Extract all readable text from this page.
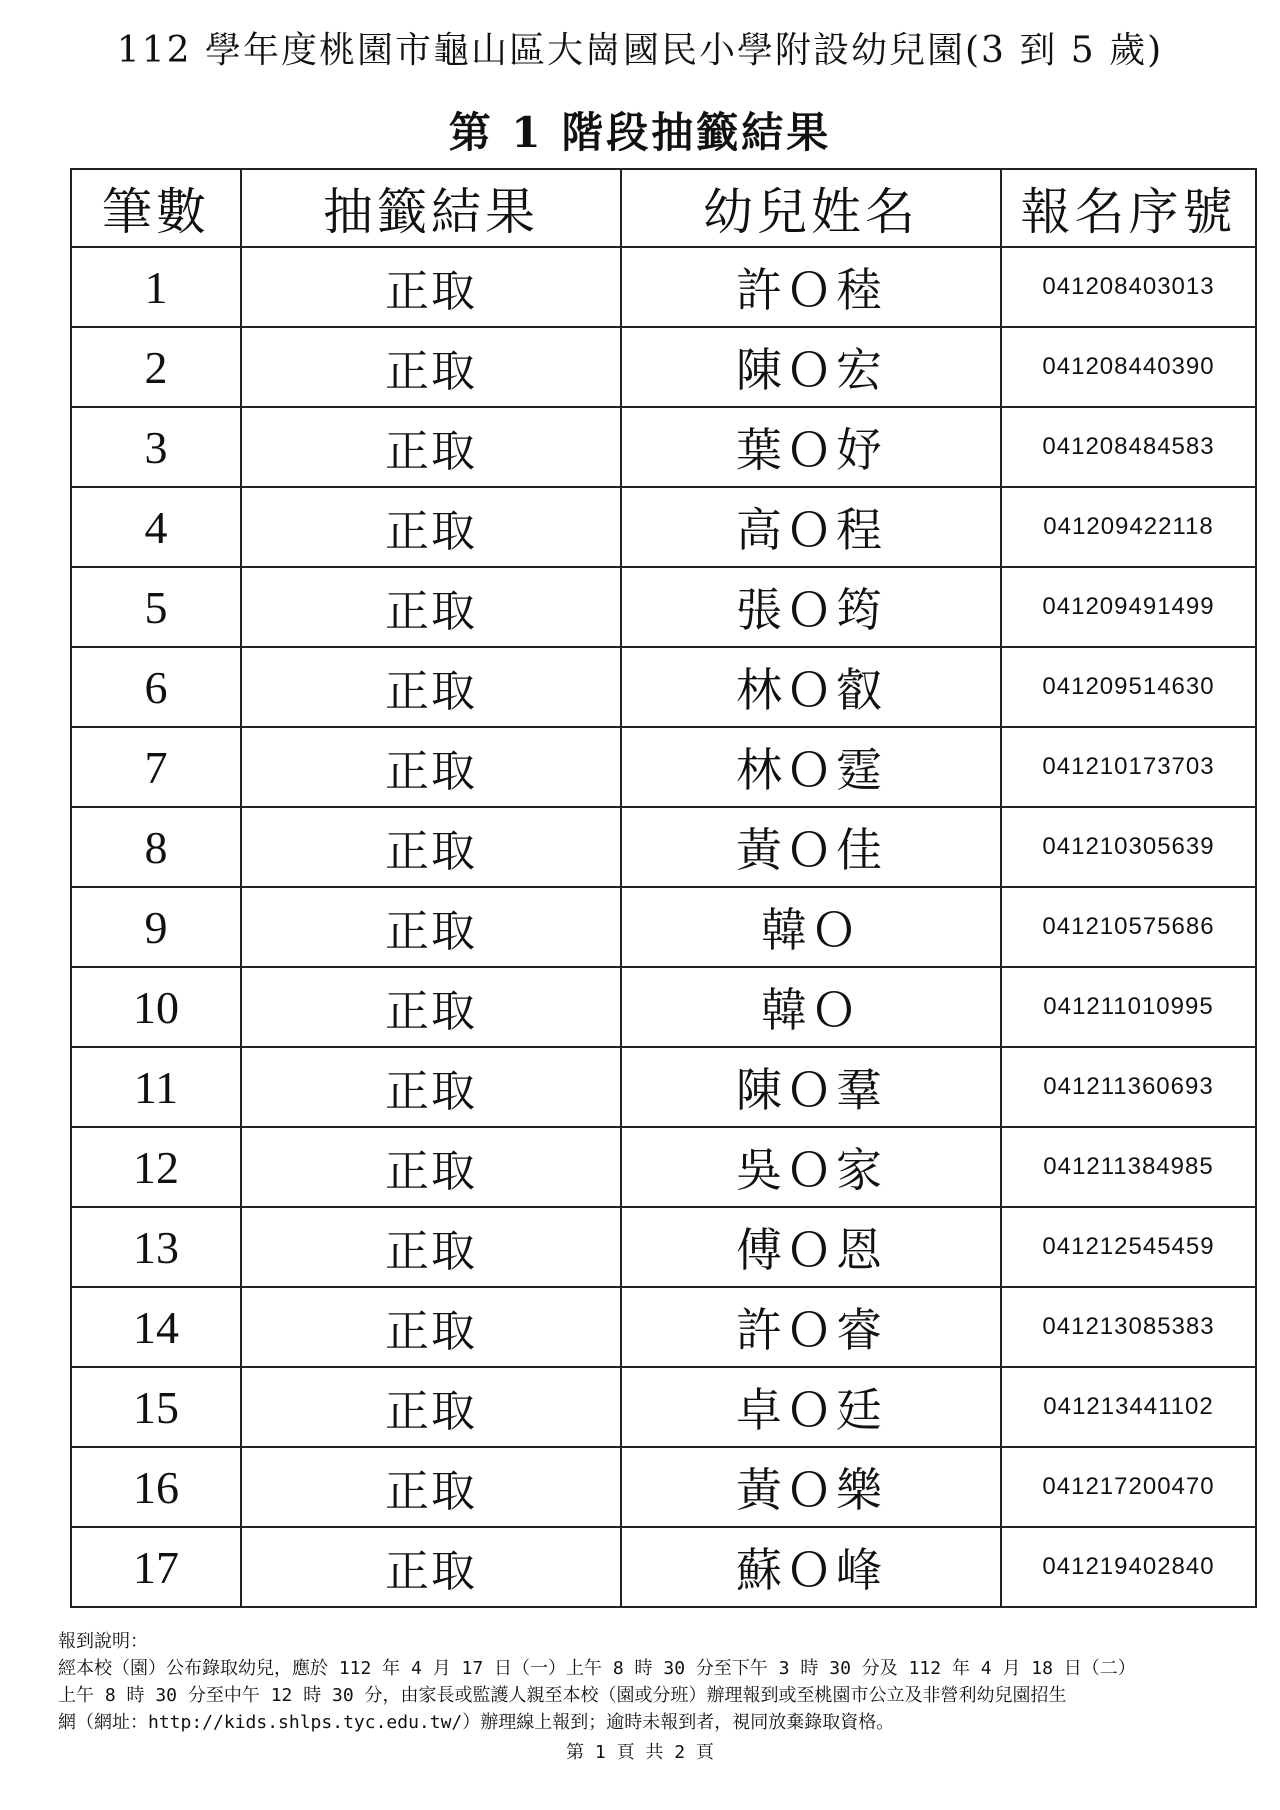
112 學年度桃園市龜山區大崗國民小學附設幼兒園(3 到 5 歲)
第 1 階段抽籤結果
筆數	抽籤結果	幼兒姓名	報名序號
1	正取	許Ｏ稑	041208403013
2	正取	陳Ｏ宏	041208440390
3	正取	葉Ｏ妤	041208484583
4	正取	高Ｏ程	041209422118
5	正取	張Ｏ筠	041209491499
6	正取	林Ｏ叡	041209514630
7	正取	林Ｏ霆	041210173703
8	正取	黃Ｏ佳	041210305639
9	正取	韓Ｏ	041210575686
10	正取	韓Ｏ	041211010995
11	正取	陳Ｏ羣	041211360693
12	正取	吳Ｏ家	041211384985
13	正取	傅Ｏ恩	041212545459
14	正取	許Ｏ睿	041213085383
15	正取	卓Ｏ廷	041213441102
16	正取	黃Ｏ樂	041217200470
17	正取	蘇Ｏ峰	041219402840
報到說明：
經本校（園）公布錄取幼兒，應於 112 年 4 月 17 日（一）上午 8 時 30 分至下午 3 時 30 分及 112 年 4 月 18 日（二）
上午 8 時 30 分至中午 12 時 30 分，由家長或監護人親至本校（園或分班）辦理報到或至桃園市公立及非營利幼兒園招生
網（網址：http://kids.shlps.tyc.edu.tw/）辦理線上報到；逾時未報到者，視同放棄錄取資格。
第 1 頁 共 2 頁
